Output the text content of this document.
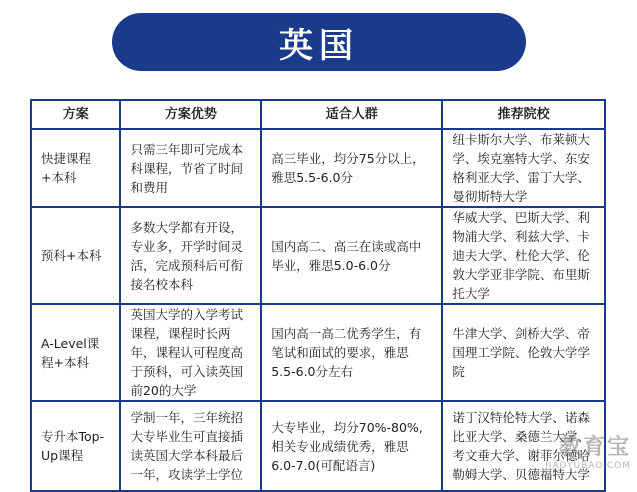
英国
方案	方案优势	适合人群	推荐院校
快捷课程+本科	只需三年即可完成本科课程，节省了时间和费用	高三毕业，均分75分以上，雅思5.5-6.0分	纽卡斯尔大学、布莱顿大学、埃克塞特大学、东安格利亚大学、雷丁大学、曼彻斯特大学
预科+本科	多数大学都有开设，专业多，开学时间灵活，完成预科后可衔接名校本科	国内高二、高三在读或高中毕业，雅思5.0-6.0分	华威大学、巴斯大学、利物浦大学、利兹大学、卡迪夫大学、杜伦大学、伦敦大学亚非学院、布里斯托大学
A-Level课程+本科	英国大学的入学考试课程，课程时长两年，课程认可程度高于预科，可入读英国前20的大学	国内高一高二优秀学生，有笔试和面试的要求，雅思5.5-6.0分左右	牛津大学、剑桥大学、帝国理工学院、伦敦大学学院
专升本Top-Up课程	学制一年，三年统招大专毕业生可直接插读英国大学本科最后一年，攻读学士学位	大专毕业，均分70%-80%,相关专业成绩优秀，雅思6.0-7.0(可配语言)	诺丁汉特伦特大学、诺森比亚大学、桑德兰大学、考文垂大学、谢菲尔德哈勒姆大学、贝德福特大学
教育宝
JIAOYUBAO.COM
